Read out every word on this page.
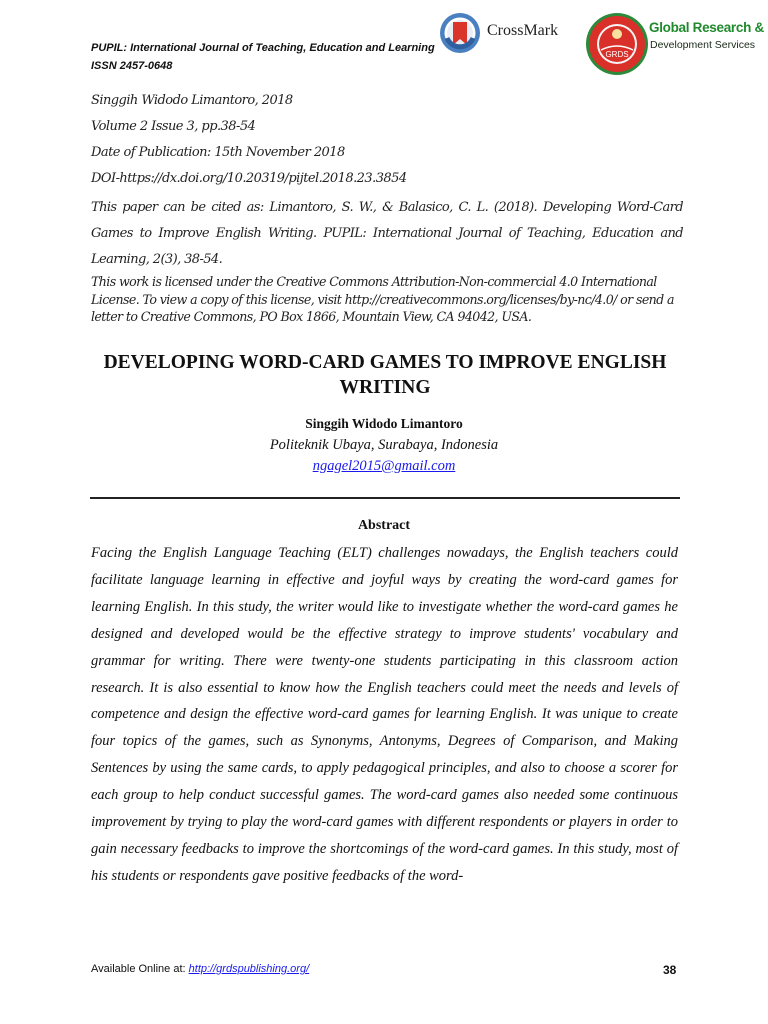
PUPIL: International Journal of Teaching, Education and Learning
ISSN 2457-0648
CrossMark
GRDS
Global Research &
Development Services
Singgih Widodo Limantoro, 2018
Volume 2 Issue 3, pp.38-54
Date of Publication: 15th November 2018
DOI-https://dx.doi.org/10.20319/pijtel.2018.23.3854
This paper can be cited as: Limantoro, S. W., & Balasico, C. L. (2018). Developing Word-Card Games to Improve English Writing. PUPIL: International Journal of Teaching, Education and Learning, 2(3), 38-54.
This work is licensed under the Creative Commons Attribution-Non-commercial 4.0 International License. To view a copy of this license, visit http://creativecommons.org/licenses/by-nc/4.0/ or send a letter to Creative Commons, PO Box 1866, Mountain View, CA 94042, USA.
DEVELOPING WORD-CARD GAMES TO IMPROVE ENGLISH WRITING
Singgih Widodo Limantoro
Politeknik Ubaya, Surabaya, Indonesia
ngagel2015@gmail.com
Abstract
Facing the English Language Teaching (ELT) challenges nowadays, the English teachers could facilitate language learning in effective and joyful ways by creating the word-card games for learning English. In this study, the writer would like to investigate whether the word-card games he designed and developed would be the effective strategy to improve students' vocabulary and grammar for writing. There were twenty-one students participating in this classroom action research. It is also essential to know how the English teachers could meet the needs and levels of competence and design the effective word-card games for learning English. It was unique to create four topics of the games, such as Synonyms, Antonyms, Degrees of Comparison, and Making Sentences by using the same cards, to apply pedagogical principles, and also to choose a scorer for each group to help conduct successful games. The word-card games also needed some continuous improvement by trying to play the word-card games with different respondents or players in order to gain necessary feedbacks to improve the shortcomings of the word-card games. In this study, most of his students or respondents gave positive feedbacks of the word-
Available Online at: http://grdspublishing.org/	38
